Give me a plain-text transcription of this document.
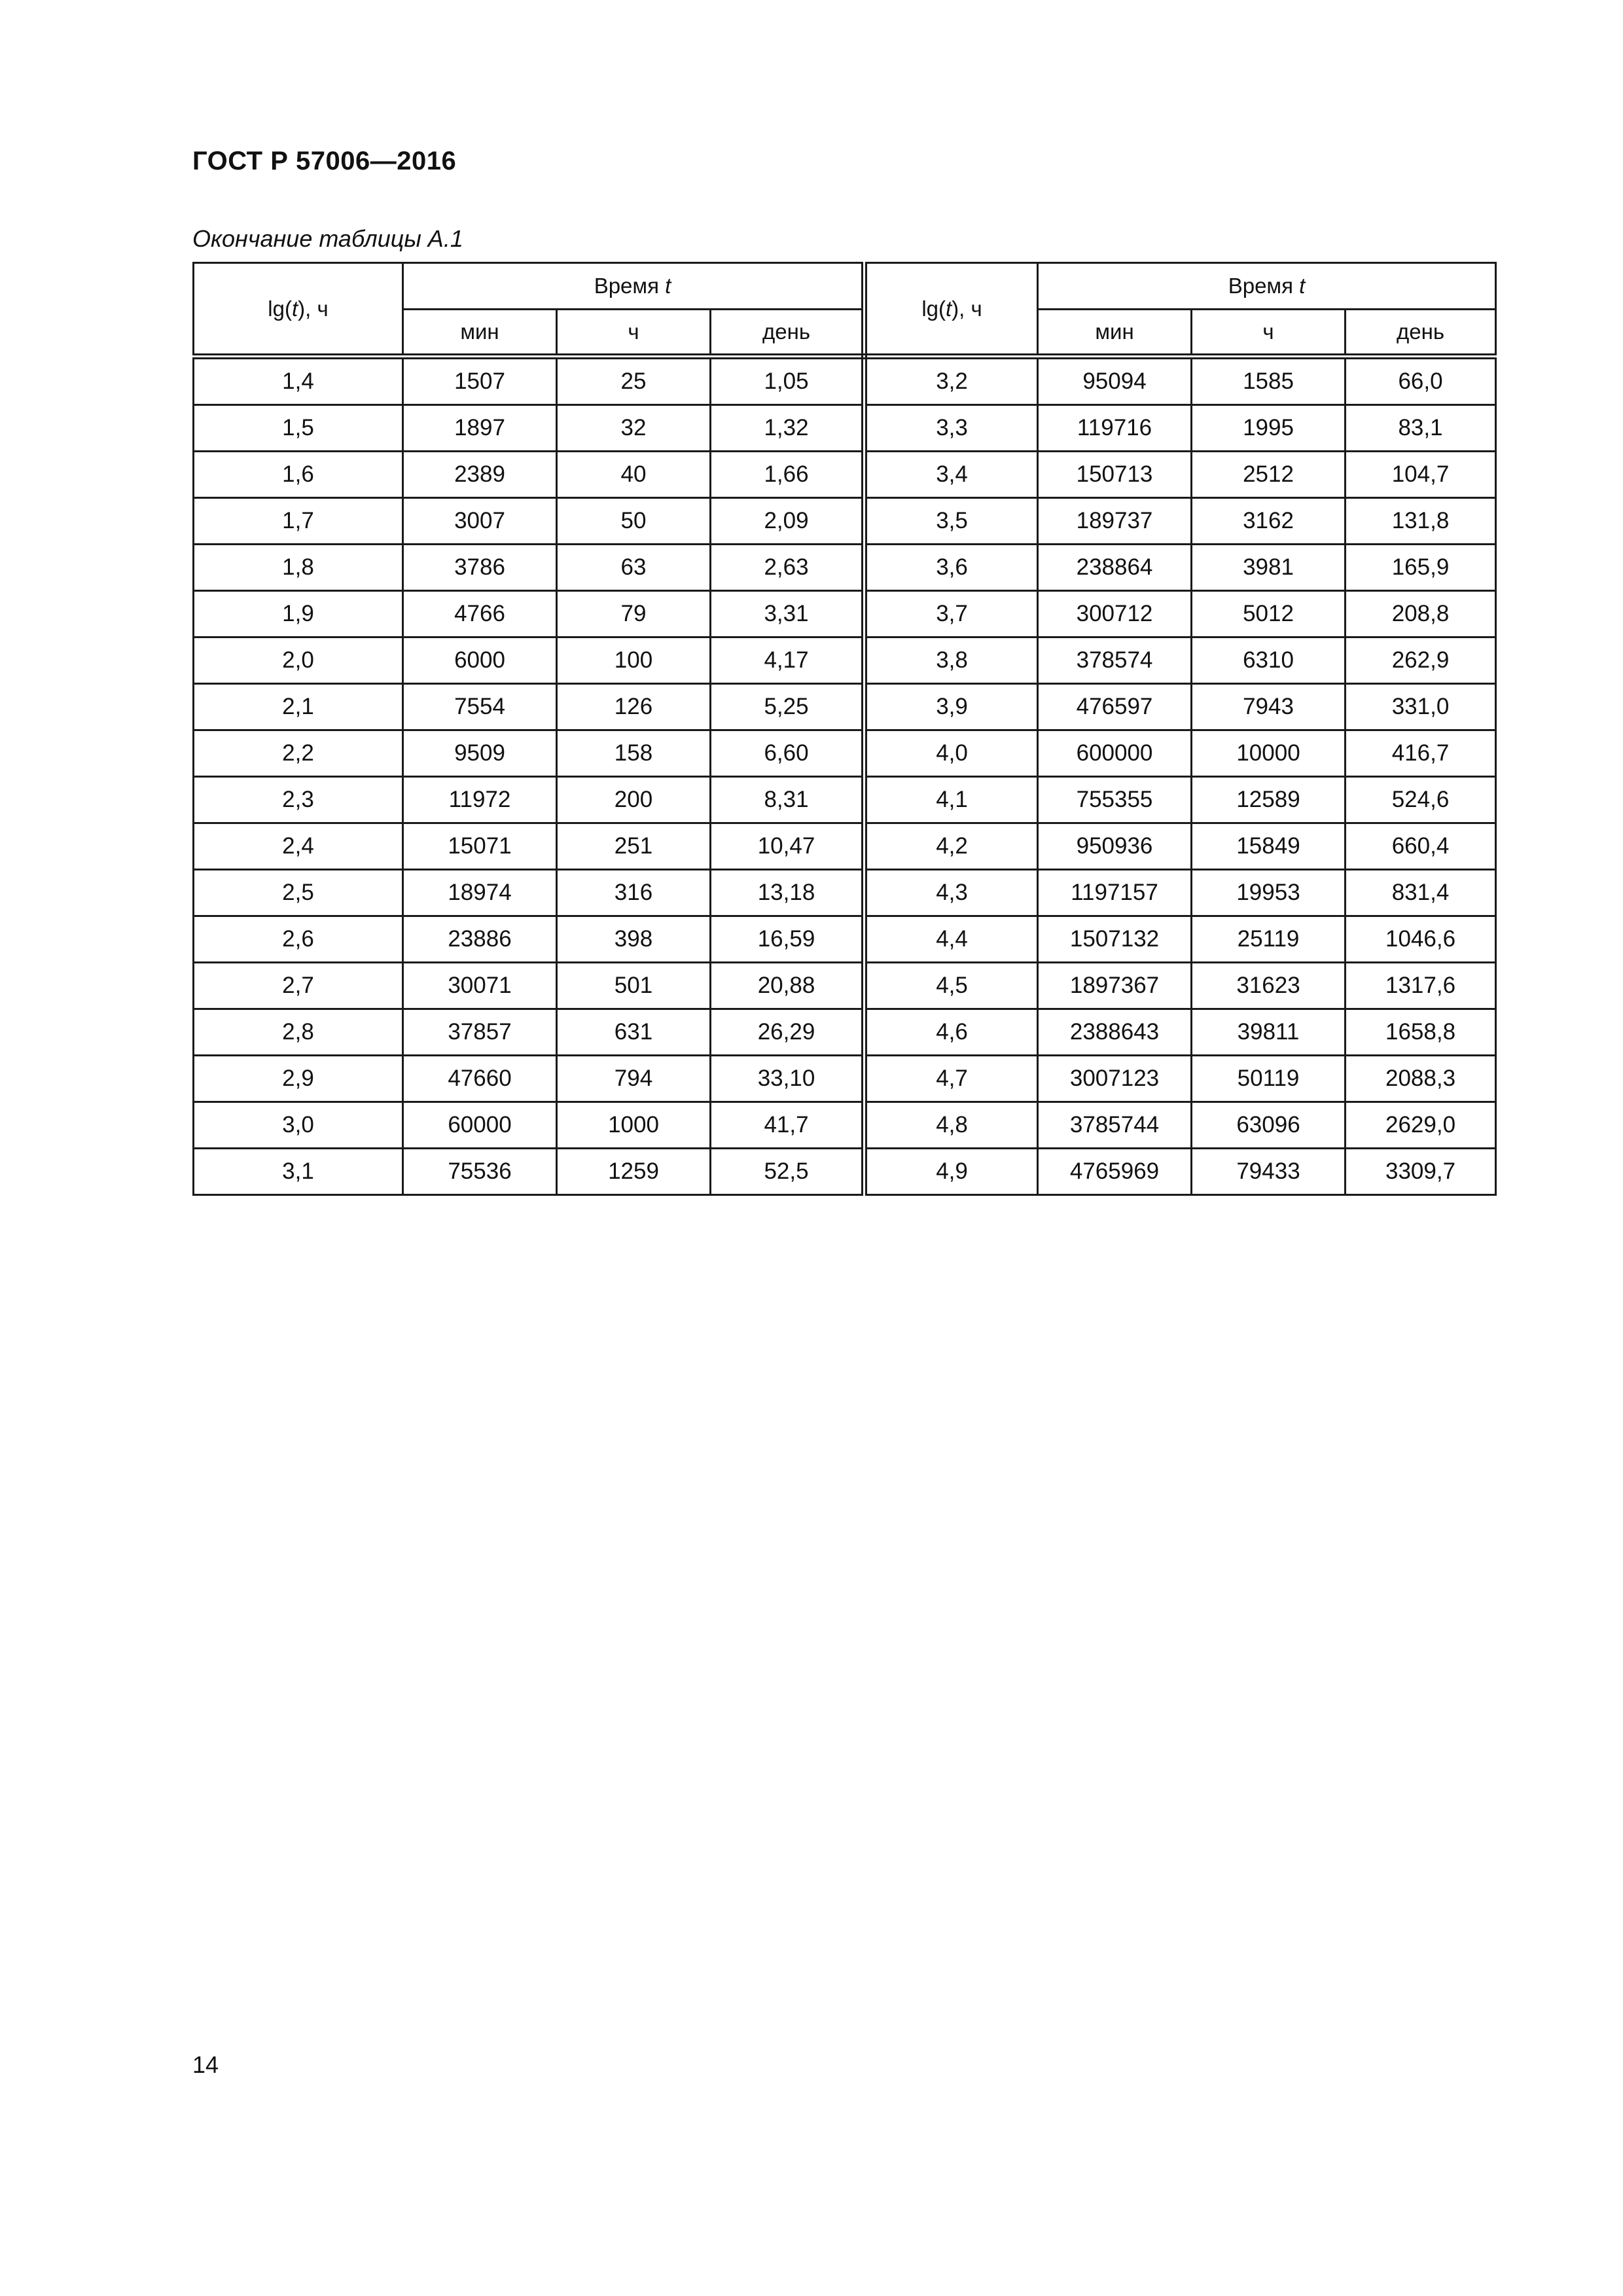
ГОСТ Р 57006—2016
Окончание таблицы А.1
lg(t), ч	Время t			lg(t), ч	Время t		
	мин	ч	день		мин	ч	день
1,4	1507	25	1,05	3,2	95094	1585	66,0
1,5	1897	32	1,32	3,3	119716	1995	83,1
1,6	2389	40	1,66	3,4	150713	2512	104,7
1,7	3007	50	2,09	3,5	189737	3162	131,8
1,8	3786	63	2,63	3,6	238864	3981	165,9
1,9	4766	79	3,31	3,7	300712	5012	208,8
2,0	6000	100	4,17	3,8	378574	6310	262,9
2,1	7554	126	5,25	3,9	476597	7943	331,0
2,2	9509	158	6,60	4,0	600000	10000	416,7
2,3	11972	200	8,31	4,1	755355	12589	524,6
2,4	15071	251	10,47	4,2	950936	15849	660,4
2,5	18974	316	13,18	4,3	1197157	19953	831,4
2,6	23886	398	16,59	4,4	1507132	25119	1046,6
2,7	30071	501	20,88	4,5	1897367	31623	1317,6
2,8	37857	631	26,29	4,6	2388643	39811	1658,8
2,9	47660	794	33,10	4,7	3007123	50119	2088,3
3,0	60000	1000	41,7	4,8	3785744	63096	2629,0
3,1	75536	1259	52,5	4,9	4765969	79433	3309,7
14
